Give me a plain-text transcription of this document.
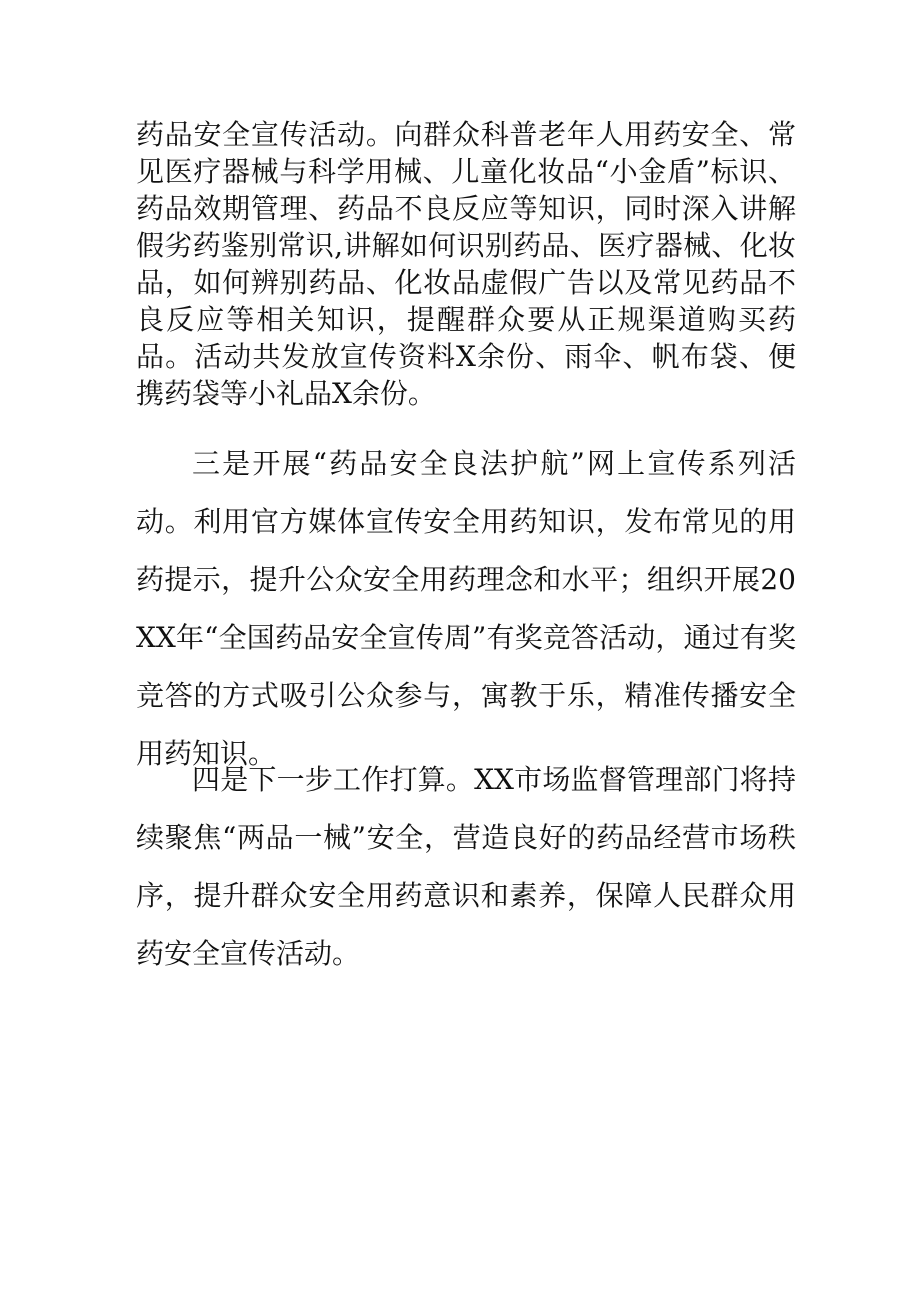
药品安全宣传活动。向群众科普老年人用药安全、常见医疗器械与科学用械、儿童化妆品“小金盾”标识、药品效期管理、药品不良反应等知识，同时深入讲解假劣药鉴别常识,讲解如何识别药品、医疗器械、化妆品，如何辨别药品、化妆品虚假广告以及常见药品不良反应等相关知识，提醒群众要从正规渠道购买药品。活动共发放宣传资料X余份、雨伞、帆布袋、便携药袋等小礼品X余份。

三是开展“药品安全良法护航”网上宣传系列活动。利用官方媒体宣传安全用药知识，发布常见的用药提示，提升公众安全用药理念和水平；组织开展20XX年“全国药品安全宣传周”有奖竞答活动，通过有奖竞答的方式吸引公众参与，寓教于乐，精准传播安全用药知识。

四是下一步工作打算。XX市场监督管理部门将持续聚焦“两品一械”安全，营造良好的药品经营市场秩序，提升群众安全用药意识和素养，保障人民群众用药安全宣传活动。
